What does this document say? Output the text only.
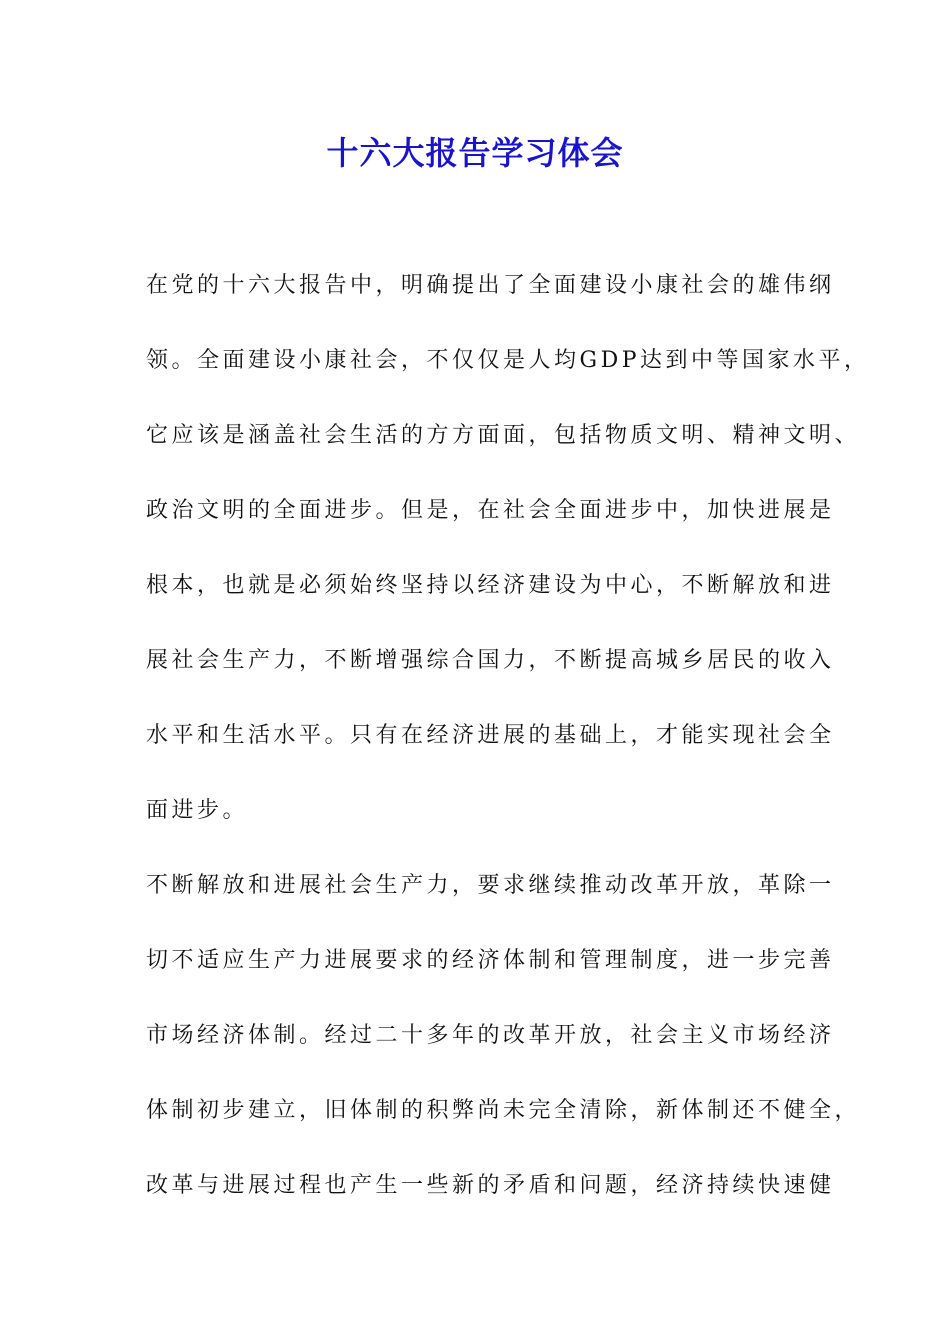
十六大报告学习体会
在党的十六大报告中，明确提出了全面建设小康社会的雄伟纲
领。全面建设小康社会，不仅仅是人均GDP达到中等国家水平，
它应该是涵盖社会生活的方方面面，包括物质文明、精神文明、
政治文明的全面进步。但是，在社会全面进步中，加快进展是
根本，也就是必须始终坚持以经济建设为中心，不断解放和进
展社会生产力，不断增强综合国力，不断提高城乡居民的收入
水平和生活水平。只有在经济进展的基础上，才能实现社会全
面进步。
不断解放和进展社会生产力，要求继续推动改革开放，革除一
切不适应生产力进展要求的经济体制和管理制度，进一步完善
市场经济体制。经过二十多年的改革开放，社会主义市场经济
体制初步建立，旧体制的积弊尚未完全清除，新体制还不健全，
改革与进展过程也产生一些新的矛盾和问题，经济持续快速健
